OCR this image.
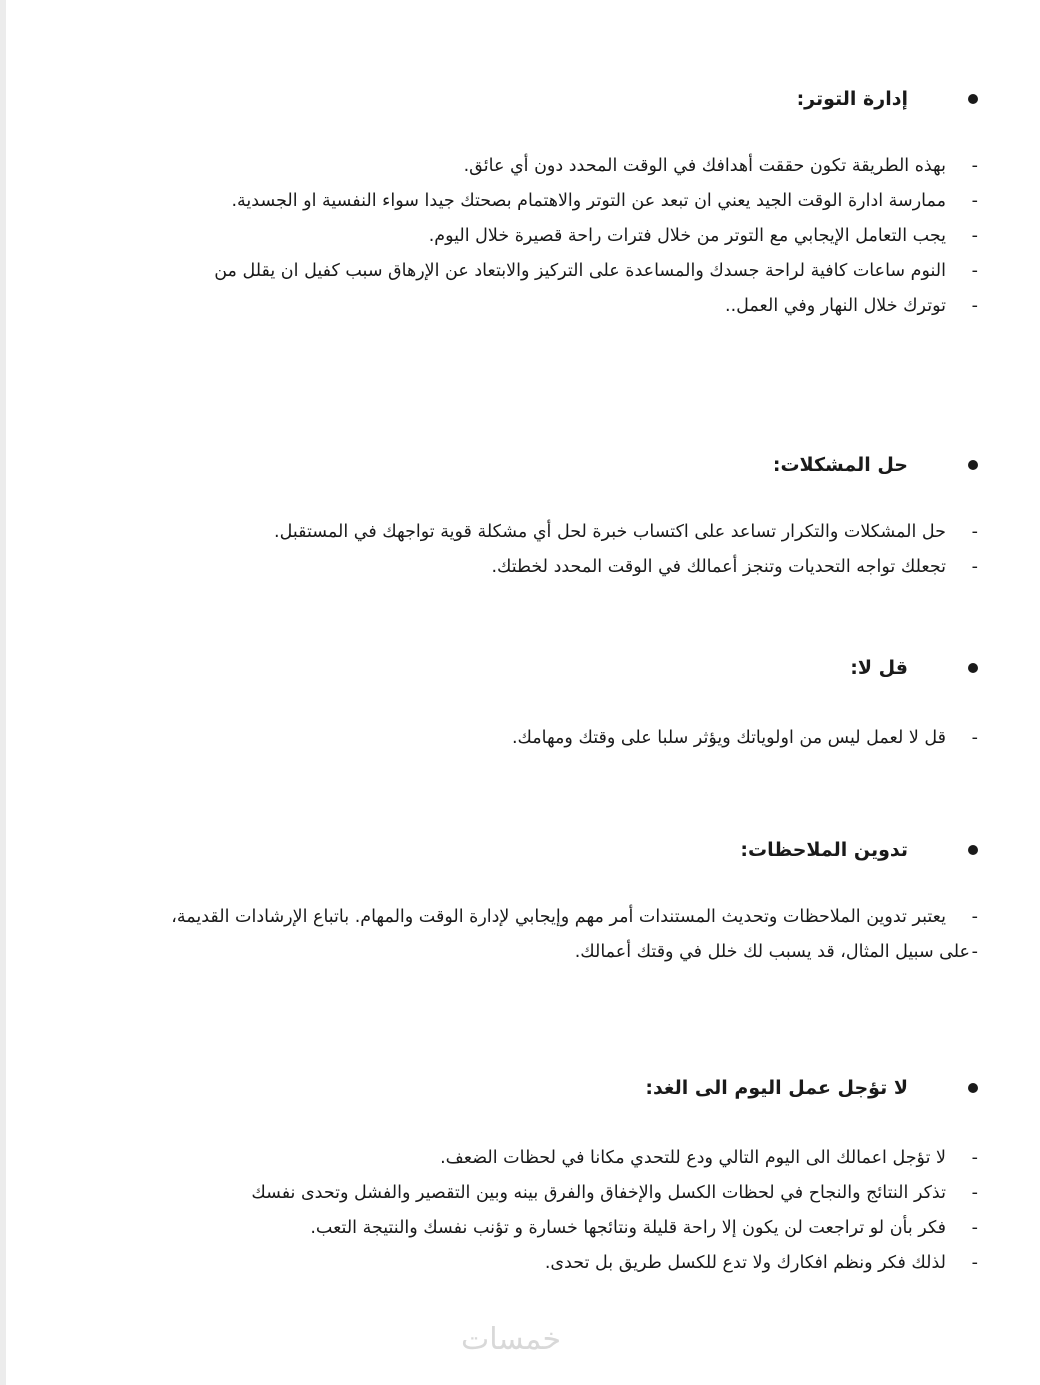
إدارة التوتر:
-
بهذه الطريقة تكون حققت أهدافك في الوقت المحدد دون أي عائق.
-
ممارسة ادارة الوقت الجيد يعني ان تبعد عن التوتر والاهتمام بصحتك جيدا سواء النفسية او الجسدية.
-
يجب التعامل الإيجابي مع التوتر من خلال فترات راحة قصيرة خلال اليوم.
-
النوم ساعات كافية لراحة جسدك والمساعدة على التركيز والابتعاد عن الإرهاق سبب كفيل ان يقلل من
-
توترك خلال النهار وفي العمل..
حل المشكلات:
-
حل المشكلات والتكرار تساعد على اكتساب خبرة لحل أي مشكلة قوية تواجهك في المستقبل.
-
تجعلك تواجه التحديات وتنجز أعمالك في الوقت المحدد لخطتك.
قل لا:
-
قل لا لعمل ليس من اولوياتك ويؤثر سلبا على وقتك ومهامك.
تدوين الملاحظات:
-
يعتبر تدوين الملاحظات وتحديث المستندات أمر مهم وإيجابي لإدارة الوقت والمهام. باتباع الإرشادات القديمة،
-
على سبيل المثال، قد يسبب لك خلل في وقتك أعمالك.
لا تؤجل عمل اليوم الى الغد:
-
لا تؤجل اعمالك الى اليوم التالي ودع للتحدي مكانا في لحظات الضعف.
-
تذكر النتائج والنجاح في لحظات الكسل والإخفاق والفرق بينه وبين التقصير والفشل وتحدى نفسك
-
فكر بأن لو تراجعت لن يكون إلا راحة قليلة ونتائجها خسارة و تؤنب نفسك والنتيجة التعب.
-
لذلك فكر ونظم افكارك ولا تدع للكسل طريق بل تحدى.
خمسات
